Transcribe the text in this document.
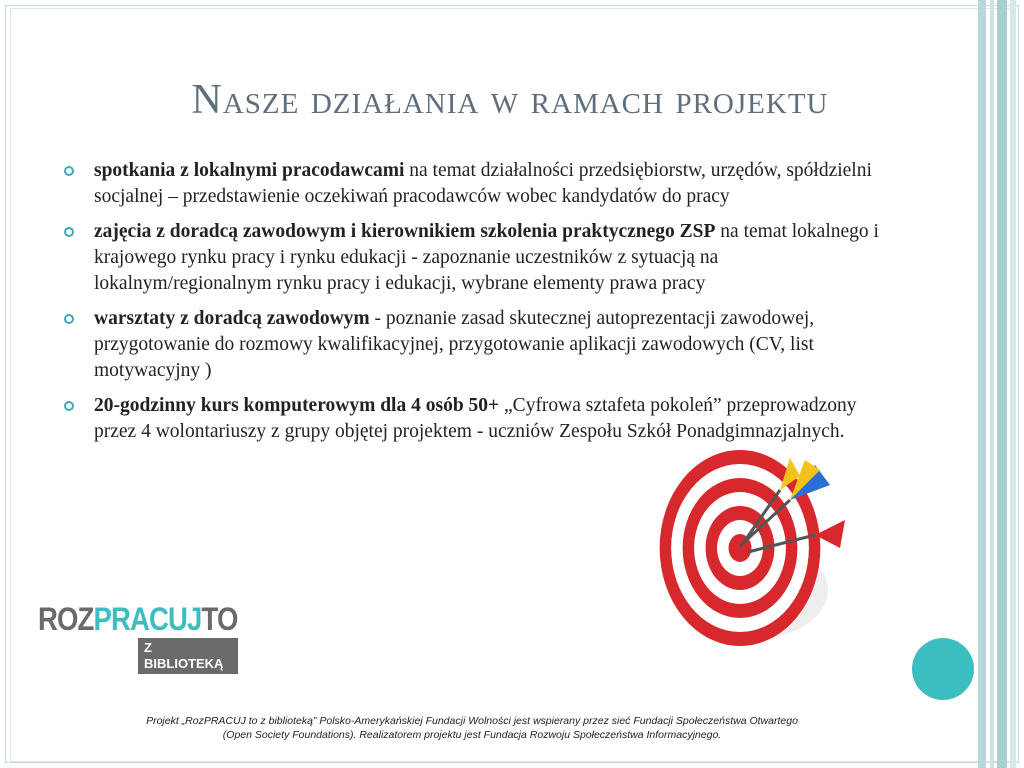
Nasze działania w ramach projektu
spotkania z lokalnymi pracodawcami na temat działalności przedsiębiorstw, urzędów, spółdzielni socjalnej – przedstawienie oczekiwań pracodawców wobec kandydatów do pracy
zajęcia z doradcą zawodowym i kierownikiem szkolenia praktycznego ZSP na temat lokalnego i krajowego rynku pracy i rynku edukacji - zapoznanie uczestników z sytuacją na lokalnym/regionalnym rynku pracy i edukacji, wybrane elementy prawa pracy
warsztaty z doradcą zawodowym - poznanie zasad skutecznej autoprezentacji zawodowej, przygotowanie do rozmowy kwalifikacyjnej, przygotowanie aplikacji zawodowych (CV, list motywacyjny )
20-godzinny kurs komputerowym dla 4 osób 50+ „Cyfrowa sztafeta pokoleń” przeprowadzony przez 4 wolontariuszy z grupy objętej projektem - uczniów Zespołu Szkół Ponadgimnazjalnych.
ROZPRACUJTO
Z BIBLIOTEKĄ
Projekt „RozPRACUJ to z biblioteką” Polsko-Amerykańskiej Fundacji Wolności jest wspierany przez sieć Fundacji Społeczeństwa Otwartego
(Open Society Foundations). Realizatorem projektu jest Fundacja Rozwoju Społeczeństwa Informacyjnego.
